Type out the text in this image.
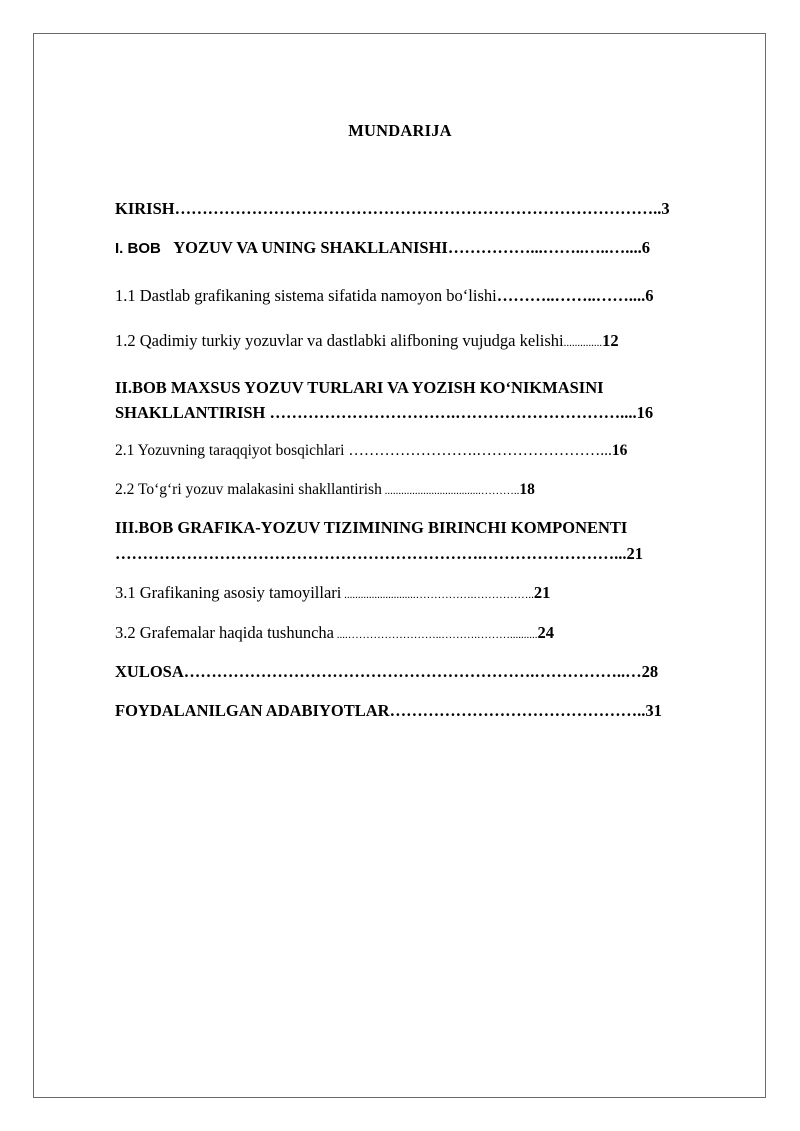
MUNDARIJA
KIRISH……………………………………………………………………………..3
I. BOB YOZUV VA UNING SHAKLLANISHI……………...……..…..…....6
1.1 Dastlab grafikaning sistema sifatida namoyon bo‘lishi………..……..……....6
1.2 Qadimiy turkiy yozuvlar va dastlabki alifboning vujudga kelishi..............12
II.BOB MAXSUS YOZUV TURLARI VA YOZISH KO‘NIKMASINI
SHAKLLANTIRISH …………………………….…………………………....16
2.1 Yozuvning taraqqiyot bosqichlari …………………….……………………...16
2.2 To‘g‘ri yozuv malakasini shakllantirish ...................................………..18
III.BOB GRAFIKA-YOZUV TIZIMINING BIRINCHI KOMPONENTI
………………………………………………………….……………………...21
3.1 Grafikaning asosiy tamoyillari ..........................…………….……………..21
3.2 Grafemalar haqida tushuncha ....……………………..……….………..........24
XULOSA……………………………………………………….……………..…28
FOYDALANILGAN ADABIYOTLAR………………………………………..31
